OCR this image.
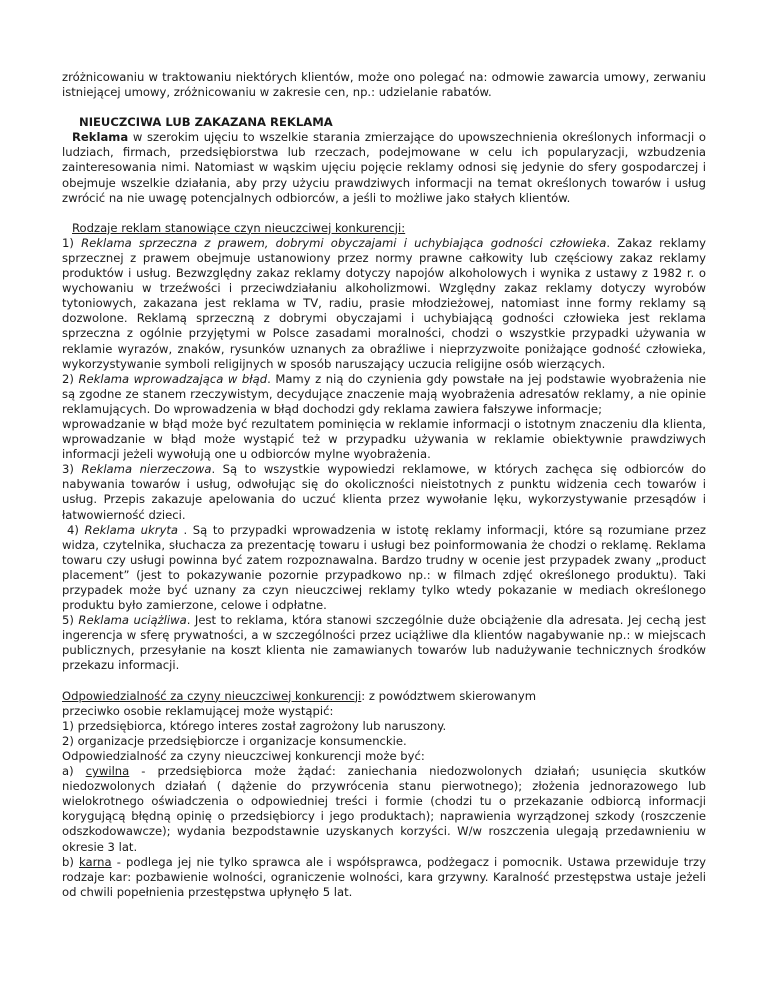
zróżnicowaniu w traktowaniu niektórych klientów, może ono polegać na: odmowie zawarcia umowy, zerwaniu istniejącej umowy, zróżnicowaniu w zakresie cen, np.: udzielanie rabatów.

NIEUCZCIWA LUB ZAKAZANA REKLAMA

Reklama w szerokim ujęciu to wszelkie starania zmierzające do upowszechnienia określonych informacji o ludziach, firmach, przedsiębiorstwa lub rzeczach, podejmowane w celu ich popularyzacji, wzbudzenia zainteresowania nimi. Natomiast w wąskim ujęciu pojęcie reklamy odnosi się jedynie do sfery gospodarczej i obejmuje wszelkie działania, aby przy użyciu prawdziwych informacji na temat określonych towarów i usług zwrócić na nie uwagę potencjalnych odbiorców, a jeśli to możliwe jako stałych klientów.

Rodzaje reklam stanowiące czyn nieuczciwej konkurencji:

1) Reklama sprzeczna z prawem, dobrymi obyczajami i uchybiająca godności człowieka. Zakaz reklamy sprzecznej z prawem obejmuje ustanowiony przez normy prawne całkowity lub częściowy zakaz reklamy produktów i usług. Bezwzględny zakaz reklamy dotyczy napojów alkoholowych i wynika z ustawy z 1982 r. o wychowaniu w trzeźwości i przeciwdziałaniu alkoholizmowi. Względny zakaz reklamy dotyczy wyrobów tytoniowych, zakazana jest reklama w TV, radiu, prasie młodzieżowej, natomiast inne formy reklamy są dozwolone. Reklamą sprzeczną z dobrymi obyczajami i uchybiającą godności człowieka jest reklama sprzeczna z ogólnie przyjętymi w Polsce zasadami moralności, chodzi o wszystkie przypadki używania w reklamie wyrazów, znaków, rysunków uznanych za obraźliwe i nieprzyzwoite poniżające godność człowieka, wykorzystywanie symboli religijnych w sposób naruszający uczucia religijne osób wierzących.

2) Reklama wprowadzająca w błąd. Mamy z nią do czynienia gdy powstałe na jej podstawie wyobrażenia nie są zgodne ze stanem rzeczywistym, decydujące znaczenie mają wyobrażenia adresatów reklamy, a nie opinie reklamujących. Do wprowadzenia w błąd dochodzi gdy reklama zawiera fałszywe informacje;

wprowadzanie w błąd może być rezultatem pominięcia w reklamie informacji o istotnym znaczeniu dla klienta, wprowadzanie w błąd może wystąpić też w przypadku używania w reklamie obiektywnie prawdziwych informacji jeżeli wywołują one u odbiorców mylne wyobrażenia.

3) Reklama nierzeczowa. Są to wszystkie wypowiedzi reklamowe, w których zachęca się odbiorców do nabywania towarów i usług, odwołując się do okoliczności nieistotnych z punktu widzenia cech towarów i usług. Przepis zakazuje apelowania do uczuć klienta przez wywołanie lęku, wykorzystywanie przesądów i łatwowierność dzieci.

4) Reklama ukryta . Są to przypadki wprowadzenia w istotę reklamy informacji, które są rozumiane przez widza, czytelnika, słuchacza za prezentację towaru i usługi bez poinformowania że chodzi o reklamę. Reklama towaru czy usługi powinna być zatem rozpoznawalna. Bardzo trudny w ocenie jest przypadek zwany „product placement” (jest to pokazywanie pozornie przypadkowo np.: w filmach zdjęć określonego produktu). Taki przypadek może być uznany za czyn nieuczciwej reklamy tylko wtedy pokazanie w mediach określonego produktu było zamierzone, celowe i odpłatne.

5) Reklama uciążliwa. Jest to reklama, która stanowi szczególnie duże obciążenie dla adresata. Jej cechą jest ingerencja w sferę prywatności, a w szczególności przez uciążliwe dla klientów nagabywanie np.: w miejscach publicznych, przesyłanie na koszt klienta nie zamawianych towarów lub nadużywanie technicznych środków przekazu informacji.

Odpowiedzialność za czyny nieuczciwej konkurencji: z powództwem skierowanym

przeciwko osobie reklamującej może wystąpić:

1) przedsiębiorca, którego interes został zagrożony lub naruszony.

2) organizacje przedsiębiorcze i organizacje konsumenckie.

Odpowiedzialność za czyny nieuczciwej konkurencji może być:

a) cywilna - przedsiębiorca może żądać: zaniechania niedozwolonych działań; usunięcia skutków niedozwolonych działań ( dążenie do przywrócenia stanu pierwotnego); złożenia jednorazowego lub wielokrotnego oświadczenia o odpowiedniej treści i formie (chodzi tu o przekazanie odbiorcą informacji korygującą błędną opinię o przedsiębiorcy i jego produktach); naprawienia wyrządzonej szkody (roszczenie odszkodowawcze); wydania bezpodstawnie uzyskanych korzyści. W/w roszczenia ulegają przedawnieniu w okresie 3 lat.

b) karna - podlega jej nie tylko sprawca ale i współsprawca, podżegacz i pomocnik. Ustawa przewiduje trzy rodzaje kar: pozbawienie wolności, ograniczenie wolności, kara grzywny. Karalność przestępstwa ustaje jeżeli od chwili popełnienia przestępstwa upłynęło 5 lat.
